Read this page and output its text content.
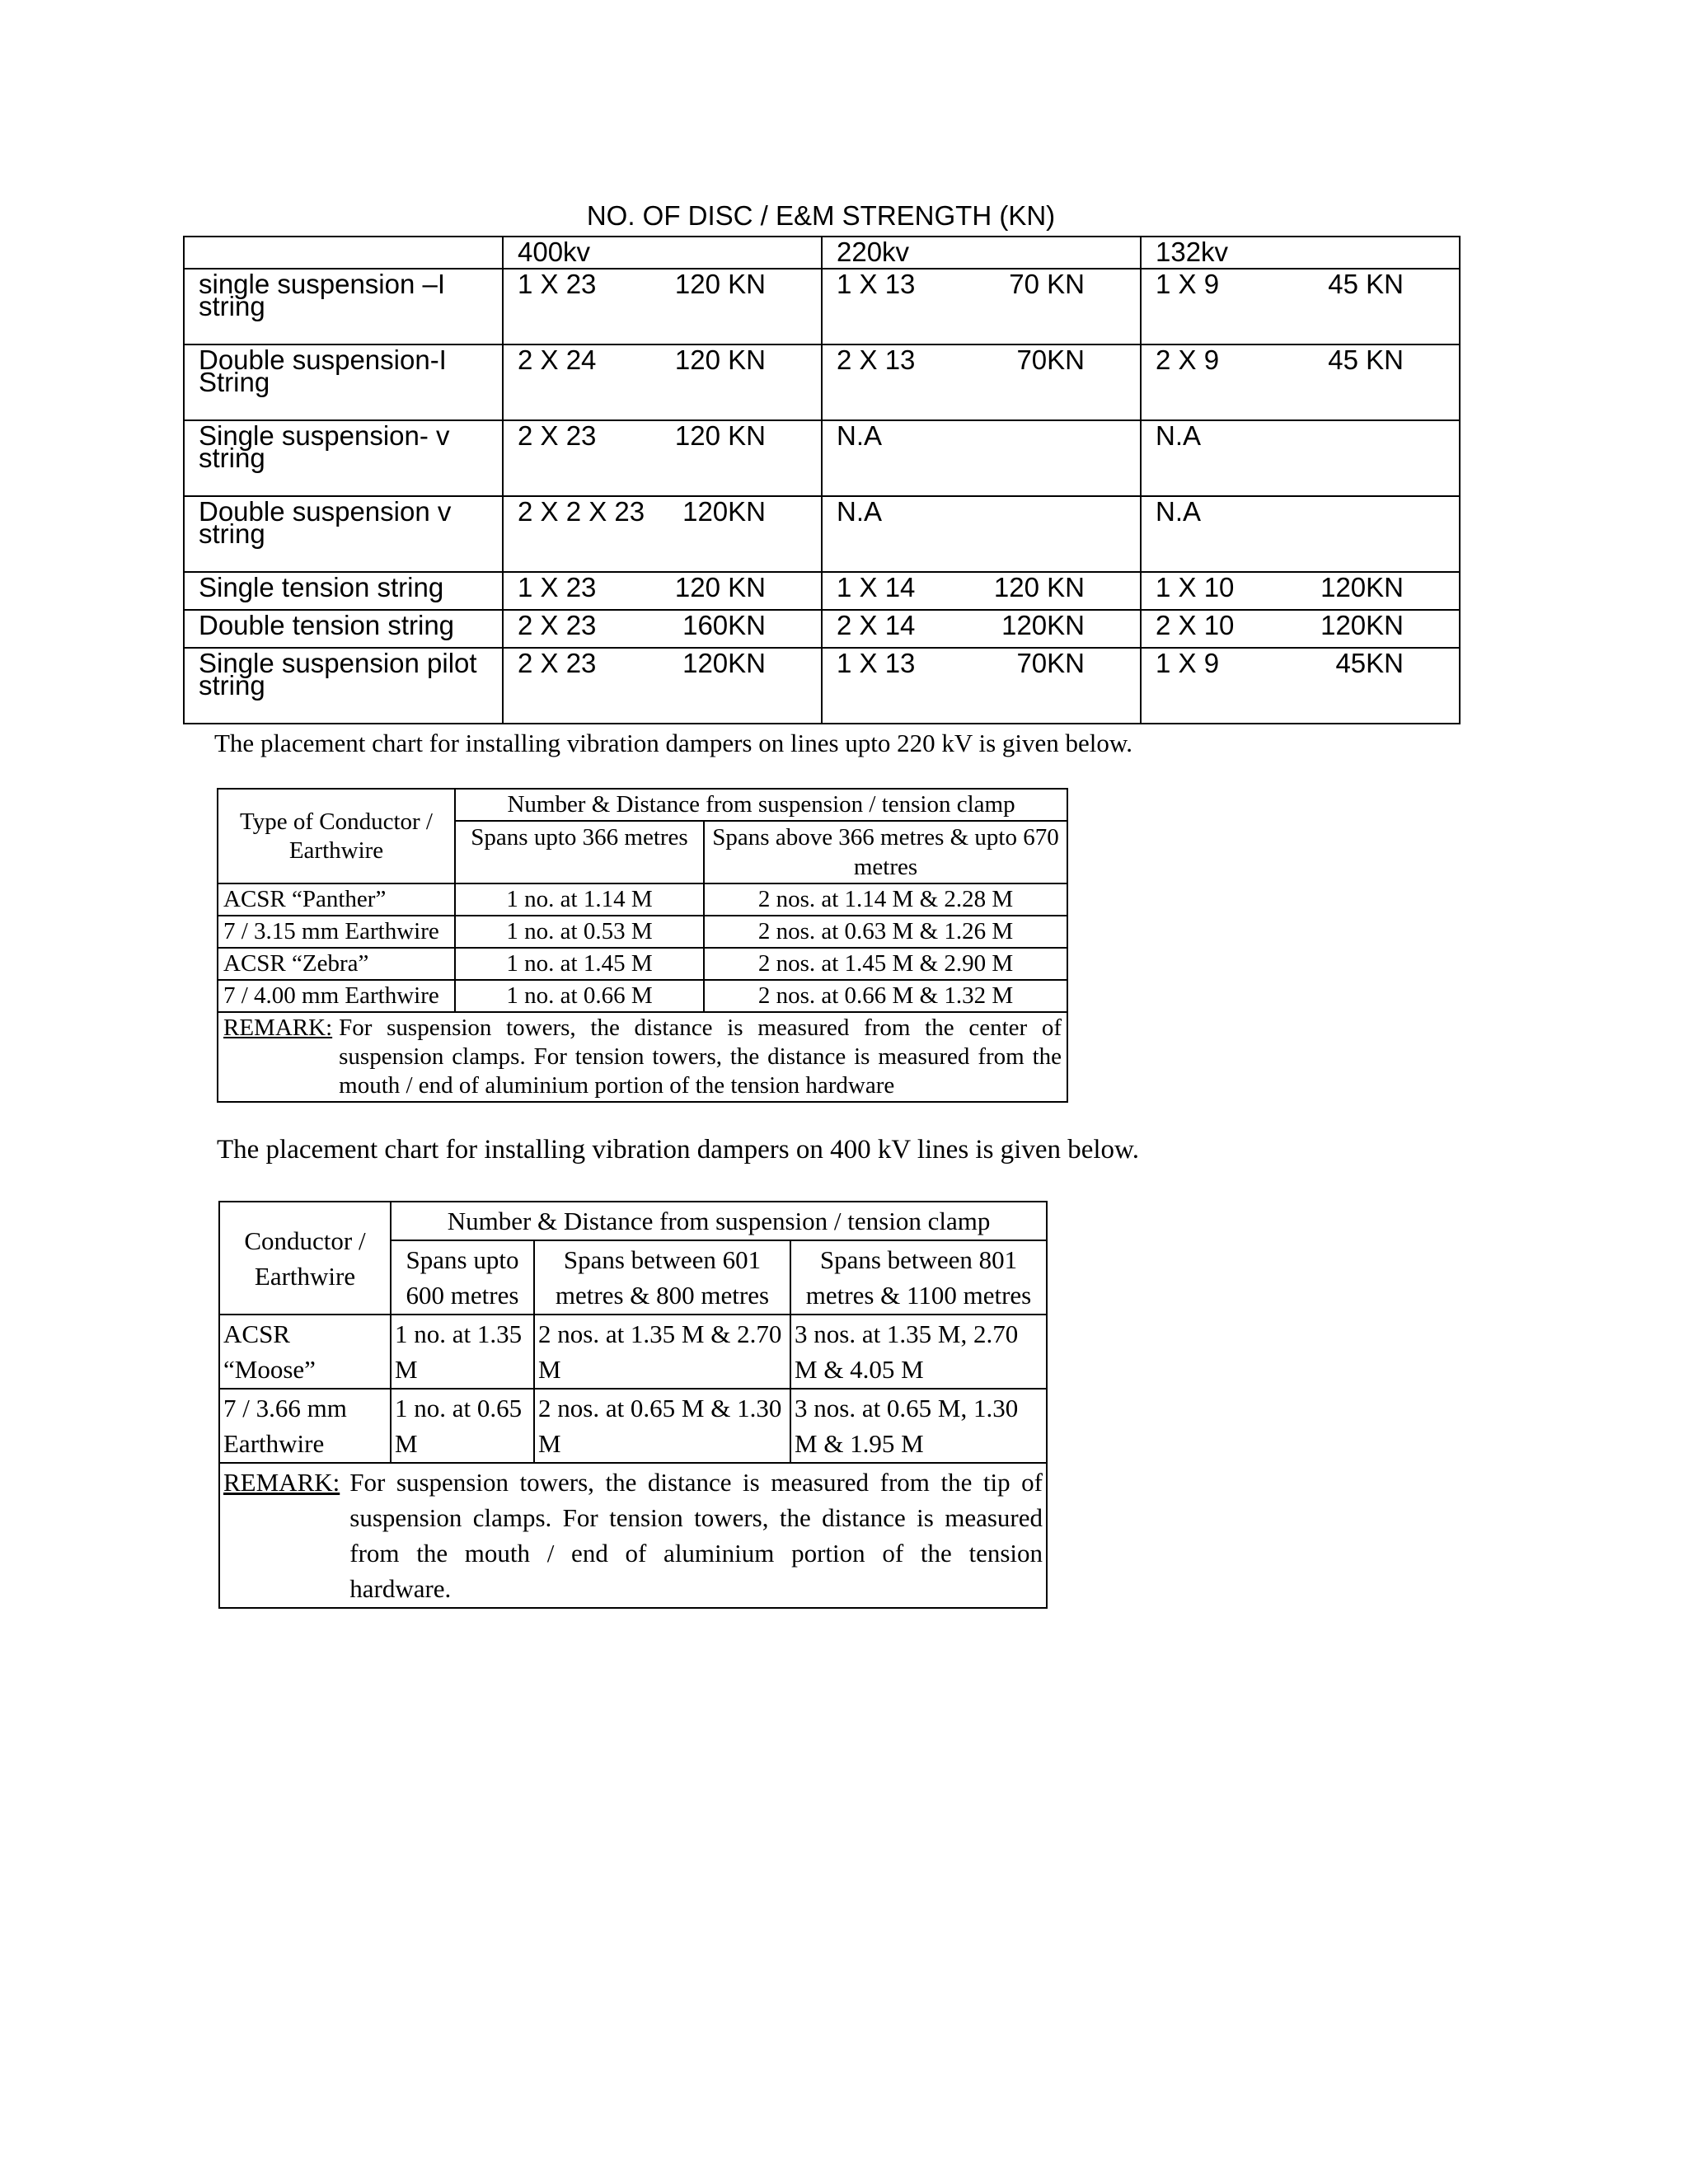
NO. OF DISC / E&M STRENGTH (KN)
	400kv	220kv	132kv
single suspension –I string	1 X 23 120 KN	1 X 13 70 KN	1 X 9 45 KN

Double suspension-I String	2 X 24 120 KN	2 X 13 70KN	2 X 9 45 KN

Single suspension- v string	2 X 23 120 KN	N.A	N.A

Double suspension v string	2 X 2 X 23 120KN	N.A	N.A

Single tension string	1 X 23 120 KN	1 X 14 120 KN	1 X 10 120KN

Double tension string	2 X 23 160KN	2 X 14 120KN	2 X 10 120KN

Single suspension pilot string	2 X 23 120KN	1 X 13 70KN	1 X 9 45KN
The placement chart for installing vibration dampers on lines upto 220 kV is given below.
Type of Conductor / Earthwire	Number & Distance from suspension / tension clamp	
	Spans upto 366 metres	Spans above 366 metres & upto 670 metres
ACSR “Panther”	1 no. at 1.14 M	2 nos. at 1.14 M & 2.28 M
7 / 3.15 mm Earthwire	1 no. at 0.53 M	2 nos. at 0.63 M & 1.26 M
ACSR “Zebra”	1 no. at 1.45 M	2 nos. at 1.45 M & 2.90 M
7 / 4.00 mm Earthwire	1 no. at 0.66 M	2 nos. at 0.66 M & 1.32 M

REMARK: For suspension towers, the distance is measured from the center of suspension clamps. For tension towers, the distance is measured from the mouth / end of aluminium portion of the tension hardware		
The placement chart for installing vibration dampers on 400 kV lines is given below.
Conductor / Earthwire	Number & Distance from suspension / tension clamp		
	Spans upto 600 metres	Spans between 601 metres & 800 metres	Spans between 801 metres & 1100 metres
ACSR “Moose”	1 no. at 1.35 M	2 nos. at 1.35 M & 2.70 M	3 nos. at 1.35 M, 2.70 M & 4.05 M
7 / 3.66 mm Earthwire	1 no. at 0.65 M	2 nos. at 0.65 M & 1.30 M	3 nos. at 0.65 M, 1.30 M & 1.95 M

REMARK: For suspension towers, the distance is measured from the tip of suspension clamps. For tension towers, the distance is measured from the mouth / end of aluminium portion of the tension hardware.			
